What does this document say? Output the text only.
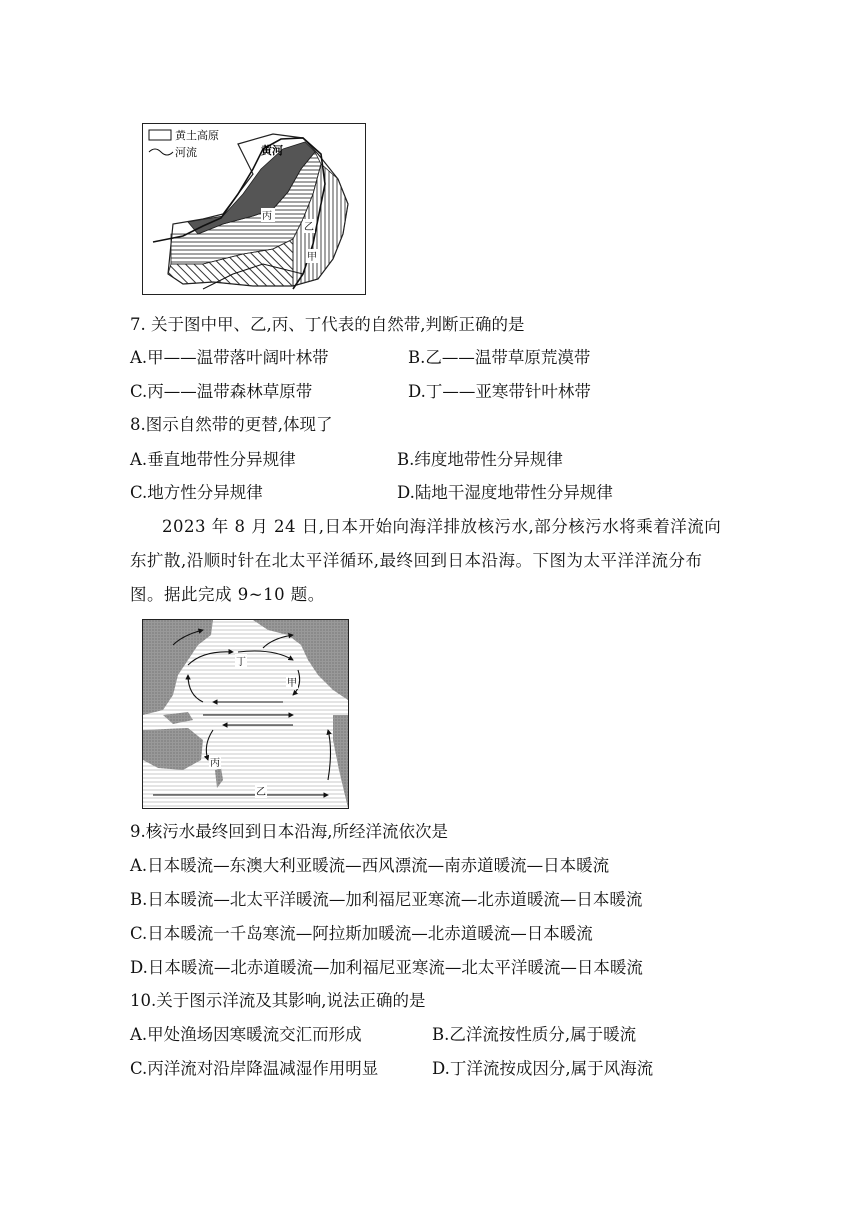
黄土高原
河流	黄河
丙
乙
甲
7. 关于图中甲、乙,丙、丁代表的自然带,判断正确的是
A.甲——温带落叶阔叶林带	B.乙——温带草原荒漠带
C.丙——温带森林草原带	D.丁——亚寒带针叶林带
8.图示自然带的更替,体现了
A.垂直地带性分异规律	B.纬度地带性分异规律
C.地方性分异规律	D.陆地干湿度地带性分异规律
2023 年 8 月 24 日,日本开始向海洋排放核污水,部分核污水将乘着洋流向东扩散,沿顺时针在北太平洋循环,最终回到日本沿海。下图为太平洋洋流分布图。据此完成 9~10 题。
丁
甲
丙
乙
9.核污水最终回到日本沿海,所经洋流依次是
A.日本暖流—东澳大利亚暖流—西风漂流—南赤道暖流—日本暖流
B.日本暖流—北太平洋暖流—加利福尼亚寒流—北赤道暖流—日本暖流
C.日本暖流一千岛寒流—阿拉斯加暖流—北赤道暖流—日本暖流
D.日本暖流—北赤道暖流—加利福尼亚寒流—北太平洋暖流—日本暖流
10.关于图示洋流及其影响,说法正确的是
A.甲处渔场因寒暖流交汇而形成	B.乙洋流按性质分,属于暖流
C.丙洋流对沿岸降温减湿作用明显	D.丁洋流按成因分,属于风海流
